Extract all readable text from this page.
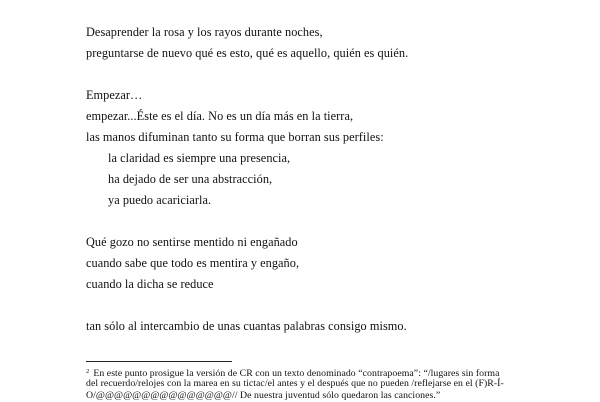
Desaprender la rosa y los rayos durante noches,
preguntarse de nuevo qué es esto, qué es aquello, quién es quién.
Empezar…
empezar...Éste es el día. No es un día más en la tierra,
las manos difuminan tanto su forma que borran sus perfiles:
la claridad es siempre una presencia,
ha dejado de ser una abstracción,
ya puedo acariciarla.
Qué gozo no sentirse mentido ni engañado
cuando sabe que todo es mentira y engaño,
cuando la dicha se reduce
tan sólo al intercambio de unas cuantas palabras consigo mismo.
$^2$ En este punto prosigue la versión de CR con un texto denominado “contrapoema”: “/lugares sin forma
del recuerdo/relojes con la marea en su tictac/el antes y el después que no pueden /reflejarse en el (F)R-Í-
O/@@@@@@@@@@@@@@@// De nuestra juventud sólo quedaron las canciones.”
